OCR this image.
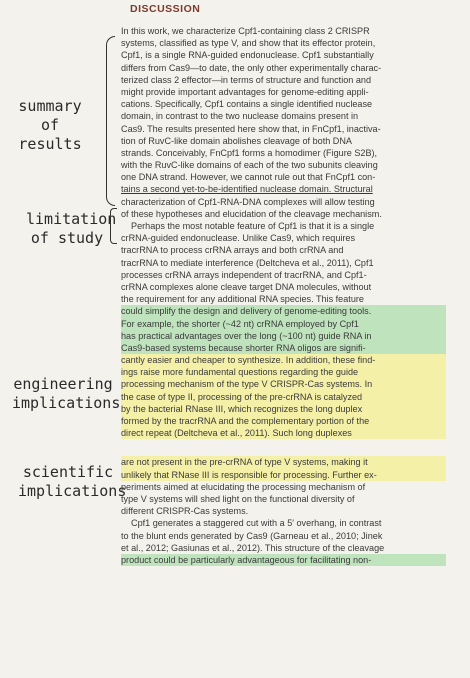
DISCUSSION
summary of
results
limitation
of study
engineering
implications
scientific
implications
In this work, we characterize Cpf1-containing class 2 CRISPR
systems, classified as type V, and show that its effector protein,
Cpf1, is a single RNA-guided endonuclease. Cpf1 substantially
differs from Cas9—to date, the only other experimentally charac-
terized class 2 effector—in terms of structure and function and
might provide important advantages for genome-editing appli-
cations. Specifically, Cpf1 contains a single identified nuclease
domain, in contrast to the two nuclease domains present in
Cas9. The results presented here show that, in FnCpf1, inactiva-
tion of RuvC-like domain abolishes cleavage of both DNA
strands. Conceivably, FnCpf1 forms a homodimer (Figure S2B),
with the RuvC-like domains of each of the two subunits cleaving
one DNA strand. However, we cannot rule out that FnCpf1 con-
tains a second yet-to-be-identified nuclease domain. Structural
characterization of Cpf1-RNA-DNA complexes will allow testing
of these hypotheses and elucidation of the cleavage mechanism.
Perhaps the most notable feature of Cpf1 is that it is a single
crRNA-guided endonuclease. Unlike Cas9, which requires
tracrRNA to process crRNA arrays and both crRNA and
tracrRNA to mediate interference (Deltcheva et al., 2011), Cpf1
processes crRNA arrays independent of tracrRNA, and Cpf1-
crRNA complexes alone cleave target DNA molecules, without
the requirement for any additional RNA species. This feature
could simplify the design and delivery of genome-editing tools.
For example, the shorter (~42 nt) crRNA employed by Cpf1
has practical advantages over the long (~100 nt) guide RNA in
Cas9-based systems because shorter RNA oligos are signifi-
cantly easier and cheaper to synthesize. In addition, these find-
ings raise more fundamental questions regarding the guide
processing mechanism of the type V CRISPR-Cas systems. In
the case of type II, processing of the pre-crRNA is catalyzed
by the bacterial RNase III, which recognizes the long duplex
formed by the tracrRNA and the complementary portion of the
direct repeat (Deltcheva et al., 2011). Such long duplexes
are not present in the pre-crRNA of type V systems, making it
unlikely that RNase III is responsible for processing. Further ex-
periments aimed at elucidating the processing mechanism of
type V systems will shed light on the functional diversity of
different CRISPR-Cas systems.
Cpf1 generates a staggered cut with a 5′ overhang, in contrast
to the blunt ends generated by Cas9 (Garneau et al., 2010; Jinek
et al., 2012; Gasiunas et al., 2012). This structure of the cleavage
product could be particularly advantageous for facilitating non-
